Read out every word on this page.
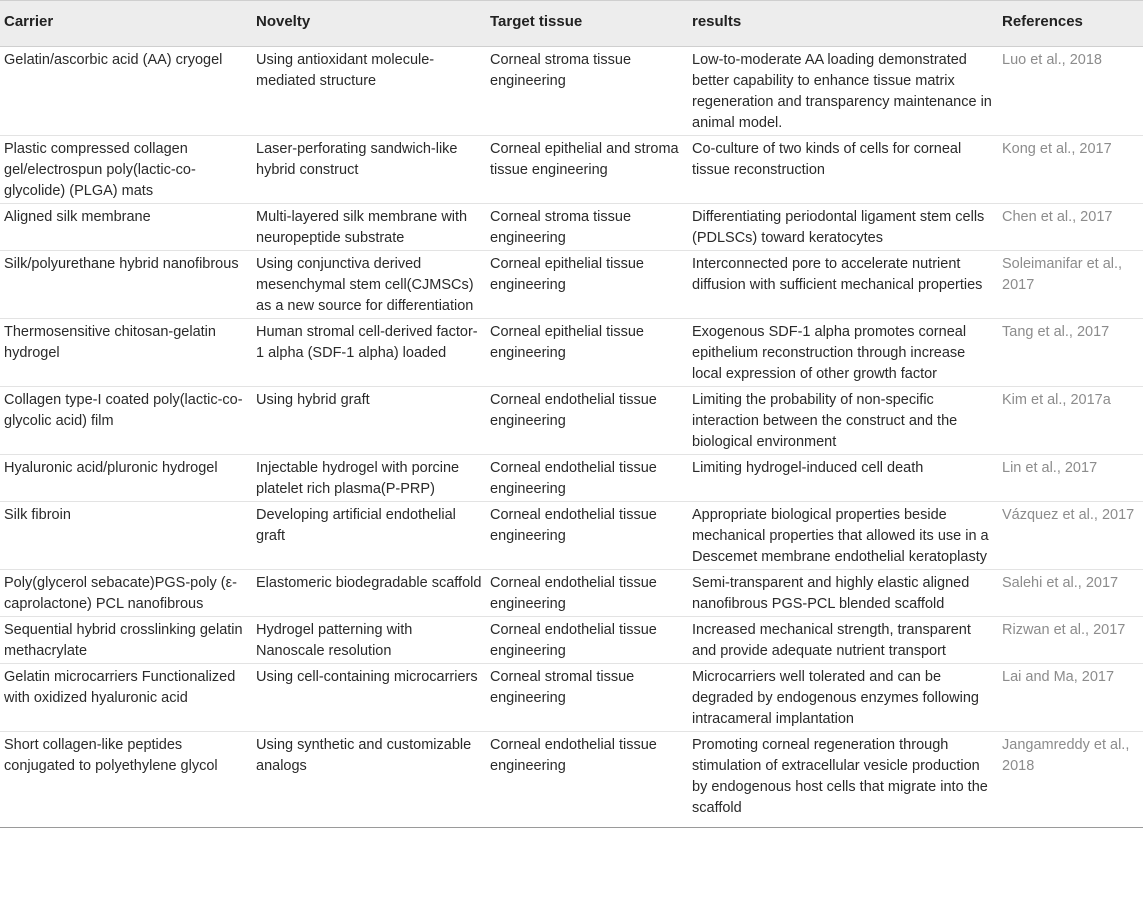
Carrier	Novelty	Target tissue	results	References
Gelatin/ascorbic acid (AA) cryogel	Using antioxidant molecule-mediated structure	Corneal stroma tissue engineering	Low-to-moderate AA loading demonstrated better capability to enhance tissue matrix regeneration and transparency maintenance in animal model.	Luo et al., 2018
Plastic compressed collagen gel/electrospun poly(lactic-co-glycolide) (PLGA) mats	Laser-perforating sandwich-like hybrid construct	Corneal epithelial and stroma tissue engineering	Co-culture of two kinds of cells for corneal tissue reconstruction	Kong et al., 2017
Aligned silk membrane	Multi-layered silk membrane with neuropeptide substrate	Corneal stroma tissue engineering	Differentiating periodontal ligament stem cells (PDLSCs) toward keratocytes	Chen et al., 2017
Silk/polyurethane hybrid nanofibrous	Using conjunctiva derived mesenchymal stem cell(CJMSCs) as a new source for differentiation	Corneal epithelial tissue engineering	Interconnected pore to accelerate nutrient diffusion with sufficient mechanical properties	Soleimanifar et al., 2017
Thermosensitive chitosan-gelatin hydrogel	Human stromal cell-derived factor-1 alpha (SDF-1 alpha) loaded	Corneal epithelial tissue engineering	Exogenous SDF-1 alpha promotes corneal epithelium reconstruction through increase local expression of other growth factor	Tang et al., 2017
Collagen type-I coated poly(lactic-co-glycolic acid) film	Using hybrid graft	Corneal endothelial tissue engineering	Limiting the probability of non-specific interaction between the construct and the biological environment	Kim et al., 2017a
Hyaluronic acid/pluronic hydrogel	Injectable hydrogel with porcine platelet rich plasma(P-PRP)	Corneal endothelial tissue engineering	Limiting hydrogel-induced cell death	Lin et al., 2017
Silk fibroin	Developing artificial endothelial graft	Corneal endothelial tissue engineering	Appropriate biological properties beside mechanical properties that allowed its use in a Descemet membrane endothelial keratoplasty	Vázquez et al., 2017
Poly(glycerol sebacate)PGS-poly (ε-caprolactone) PCL nanofibrous	Elastomeric biodegradable scaffold	Corneal endothelial tissue engineering	Semi-transparent and highly elastic aligned nanofibrous PGS-PCL blended scaffold	Salehi et al., 2017
Sequential hybrid crosslinking gelatin methacrylate	Hydrogel patterning with Nanoscale resolution	Corneal endothelial tissue engineering	Increased mechanical strength, transparent and provide adequate nutrient transport	Rizwan et al., 2017
Gelatin microcarriers Functionalized with oxidized hyaluronic acid	Using cell-containing microcarriers	Corneal stromal tissue engineering	Microcarriers well tolerated and can be degraded by endogenous enzymes following intracameral implantation	Lai and Ma, 2017
Short collagen-like peptides conjugated to polyethylene glycol	Using synthetic and customizable analogs	Corneal endothelial tissue engineering	Promoting corneal regeneration through stimulation of extracellular vesicle production by endogenous host cells that migrate into the scaffold	Jangamreddy et al., 2018
